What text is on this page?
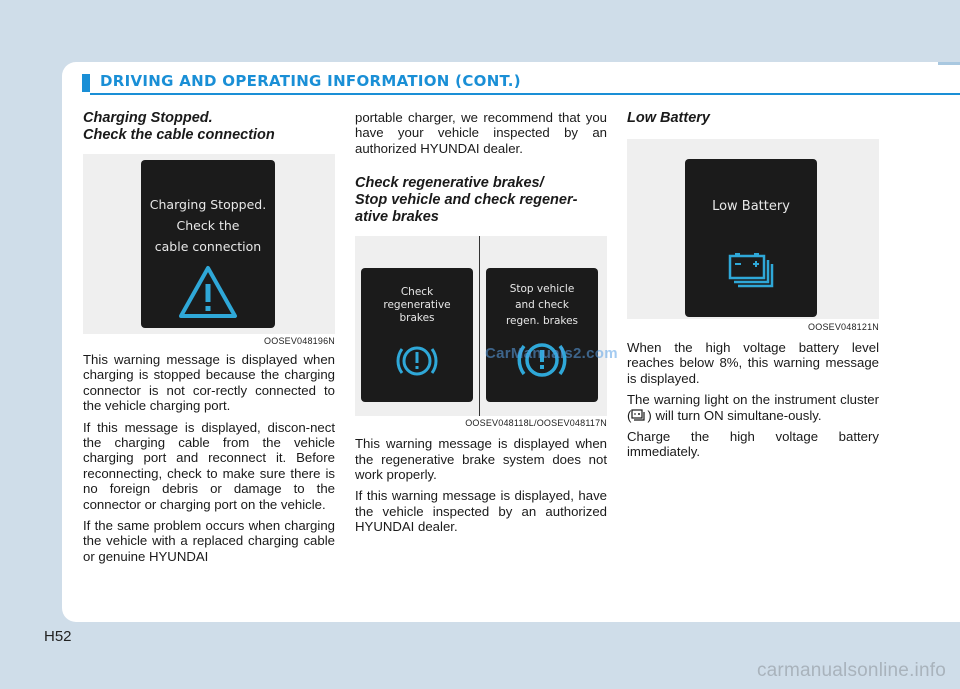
DRIVING AND OPERATING INFORMATION (CONT.)
Charging Stopped.
Check the cable connection
Charging Stopped.
Check the
cable connection
OOSEV048196N

This warning message is displayed when charging is stopped because the charging connector is not cor-rectly connected to the vehicle charging port.

If this message is displayed, discon-nect the charging cable from the vehicle charging port and reconnect it. Before reconnecting, check to make sure there is no foreign debris or damage to the connector or charging port on the vehicle.

If the same problem occurs when charging the vehicle with a replaced charging cable or genuine HYUNDAI

portable charger, we recommend that you have your vehicle inspected by an authorized HYUNDAI dealer.

Check regenerative brakes/
Stop vehicle and check regener-
ative brakes
Check
regenerative
brakes
Stop vehicle
and check
regen. brakes
OOSEV048118L/OOSEV048117N

This warning message is displayed when the regenerative brake system does not work properly.

If this warning message is displayed, have the vehicle inspected by an authorized HYUNDAI dealer.

Low Battery
Low Battery
OOSEV048121N

When the high voltage battery level reaches below 8%, this warning message is displayed.

The warning light on the instrument cluster ( ) will turn ON simultane-ously.

Charge the high voltage battery immediately.

CarManuals2.com
H52
carmanualsonline.info
